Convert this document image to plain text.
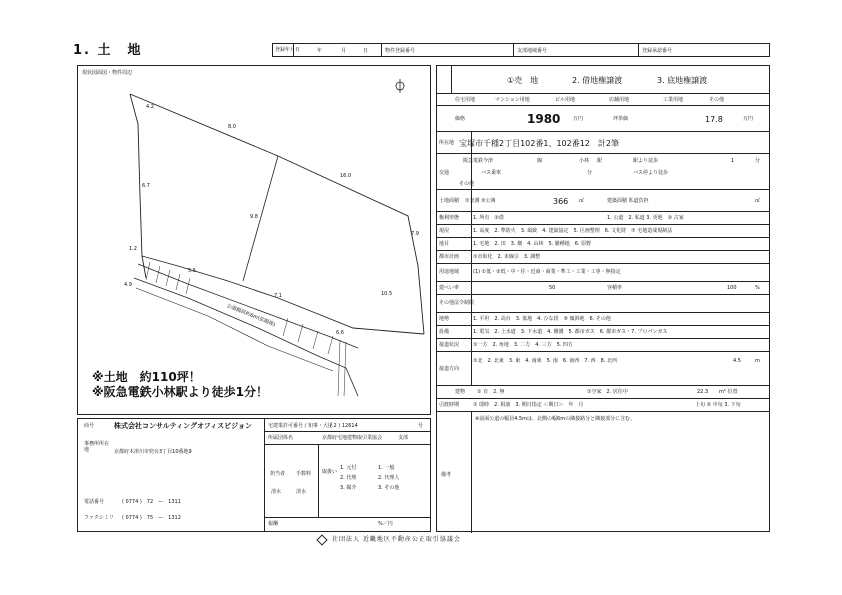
1. 土　地	登録年月日	年	月	日	物件登録番号	支部地域番号	登録承認番号
現状図面図・物件周辺
4.2
8.0
16.0
7.9
6.7
9.8
1.2
5.5
4.9
10.5
7.1
6.6
公道幅員約6m(拡幅後)
※土地　約110坪！
※阪急電鉄小林駅より徒歩1分！
商号	株式会社コンサルティングオフィスビジョン
事務所所在地	京都府木津川市兜台3丁目10番地9
電話番号	( 0774 )　72　—　1311
ファクシミリ ( 0774 )　75　—　1312
宅建業許可番号 / 知事・大臣
( 2 ) 12614	号
所属団体名	京都府宅地建物取引業協会	支部
担当者 手数料
清水	清水
取扱い
1. 元付
2. 代理
3. 媒介
1. 一般
2. 代理人
3. その他
報酬	%／円
①売　地	2. 借地権譲渡	3. 底地権譲渡
住宅用地	マンション用地	ビル用地	店舗用地	工業用地	その他
価格	1980	万円	坪単価	17.8	万円
所在地 宝塚市千種2丁目102番1、102番12　計2筆
交通
阪急電鉄今津	線	小林 駅	駅より徒歩	1	分
バス乗車	分	バス停より徒歩
その他
土地面積 ①実測 ②公簿	366 ㎡	建築面積 私道負担	㎡
権利形態	1. 所有　②借	1. 公道　2. 私道 3. 更地　③ 古家
現況	1. 高度　2. 準防火　3. 風致　4. 建築協定　5. 区画整理　6. 文化財　⑦ 宅地造成規制法
地目	1. 宅地　2. 田　3. 畑　4. 山林　5. 雑種地　6. 原野
都市計画	①市街化　2. 未線引　3. 調整
用途地域	(1) ①低・②低・中・住・近商・商業・準工・工業・工専・無指定
建ぺい率	50	容積率	100	%
その他法令制限
地勢	1. 平坦　2. 高台　3. 低地　4. ひな段　⑤ 傾斜地　6. その他
設備	1. 電気　2. 上水道　3. 下水道　4. 側溝　5. 都市ガス　6. 都市ガス・7. プロパンガス
接道状況	①一方　2. 角地　3. 二方　4. 三方　5. 四方
接道方向
①北　2. 北東　3. 東　4. 南東　5. 南　6. 南西　7. 西　8. 北西	4.5	m
建物 ① 有　2. 無	①空家　2. 居住中	22.3 m² 位置
引渡時期	① 即時　2. 相談　3. 期日指定 ＜期日＞　年　月	上旬 ② 中旬 3. 下旬
備考
※前面公道の幅員4.5mは、北側の幅6mの隣接路分と隣接部分に含む。
社団法人 近畿地区不動産公正取引協議会
